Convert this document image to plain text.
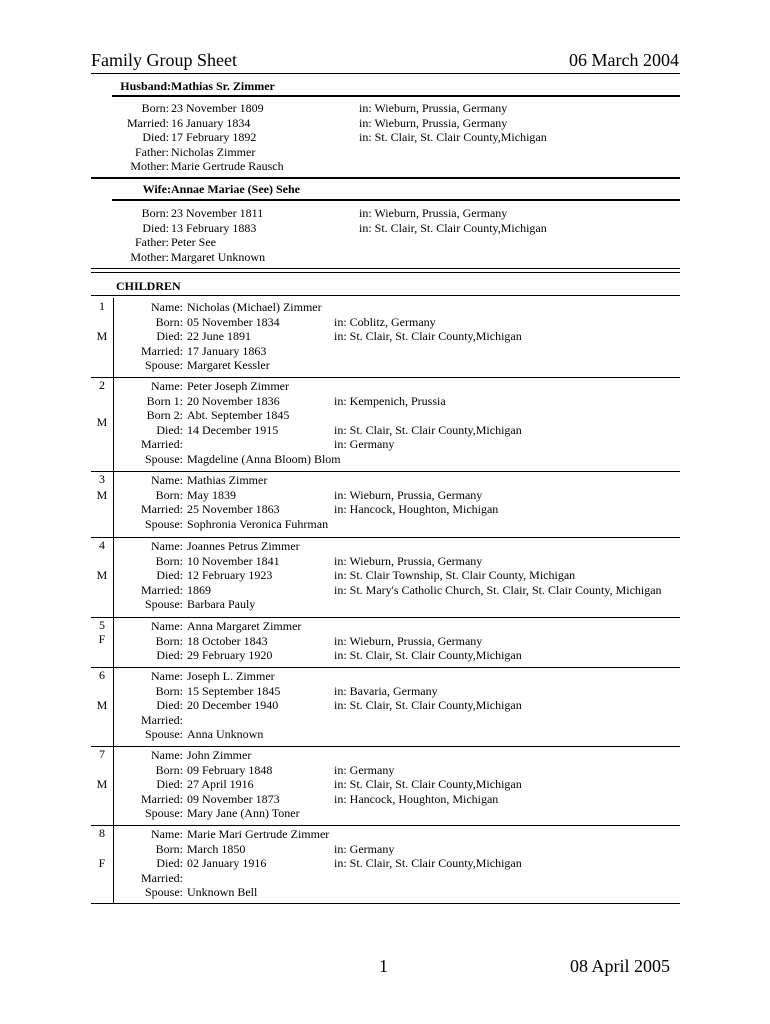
Family Group Sheet	06 March 2004
Husband: Mathias Sr. Zimmer
Born: 23 November 1809	in: Wieburn, Prussia, Germany
Married: 16 January 1834	in: Wieburn, Prussia, Germany
Died: 17 February 1892	in: St. Clair, St. Clair County,Michigan
Father: Nicholas Zimmer
Mother: Marie Gertrude Rausch
Wife: Annae Mariae (See) Sehe
Born: 23 November 1811	in: Wieburn, Prussia, Germany
Died: 13 February 1883	in: St. Clair, St. Clair County,Michigan
Father: Peter See
Mother: Margaret Unknown
CHILDREN
1
M
Name: Nicholas (Michael) Zimmer
Born: 05 November 1834	in: Coblitz, Germany
Died: 22 June 1891	in: St. Clair, St. Clair County,Michigan
Married: 17 January 1863
Spouse: Margaret Kessler
2
M
Name: Peter Joseph Zimmer
Born 1: 20 November 1836	in: Kempenich, Prussia
Born 2: Abt. September 1845
Died: 14 December 1915	in: St. Clair, St. Clair County,Michigan
Married:	in: Germany
Spouse: Magdeline (Anna Bloom) Blom
3
M
Name: Mathias Zimmer
Born: May 1839	in: Wieburn, Prussia, Germany
Married: 25 November 1863	in: Hancock, Houghton, Michigan
Spouse: Sophronia Veronica Fuhrman
4
M
Name: Joannes Petrus Zimmer
Born: 10 November 1841	in: Wieburn, Prussia, Germany
Died: 12 February 1923	in: St. Clair Township, St. Clair County, Michigan
Married: 1869	in: St. Mary's Catholic Church, St. Clair, St. Clair County, Michigan
Spouse: Barbara Pauly
5
F
Name: Anna Margaret Zimmer
Born: 18 October 1843	in: Wieburn, Prussia, Germany
Died: 29 February 1920	in: St. Clair, St. Clair County,Michigan
6
M
Name: Joseph L. Zimmer
Born: 15 September 1845	in: Bavaria, Germany
Died: 20 December 1940	in: St. Clair, St. Clair County,Michigan
Married:
Spouse: Anna Unknown
7
M
Name: John Zimmer
Born: 09 February 1848	in: Germany
Died: 27 April 1916	in: St. Clair, St. Clair County,Michigan
Married: 09 November 1873	in: Hancock, Houghton, Michigan
Spouse: Mary Jane (Ann) Toner
8
F
Name: Marie Mari Gertrude Zimmer
Born: March 1850	in: Germany
Died: 02 January 1916	in: St. Clair, St. Clair County,Michigan
Married:
Spouse: Unknown Bell
1	08 April 2005
